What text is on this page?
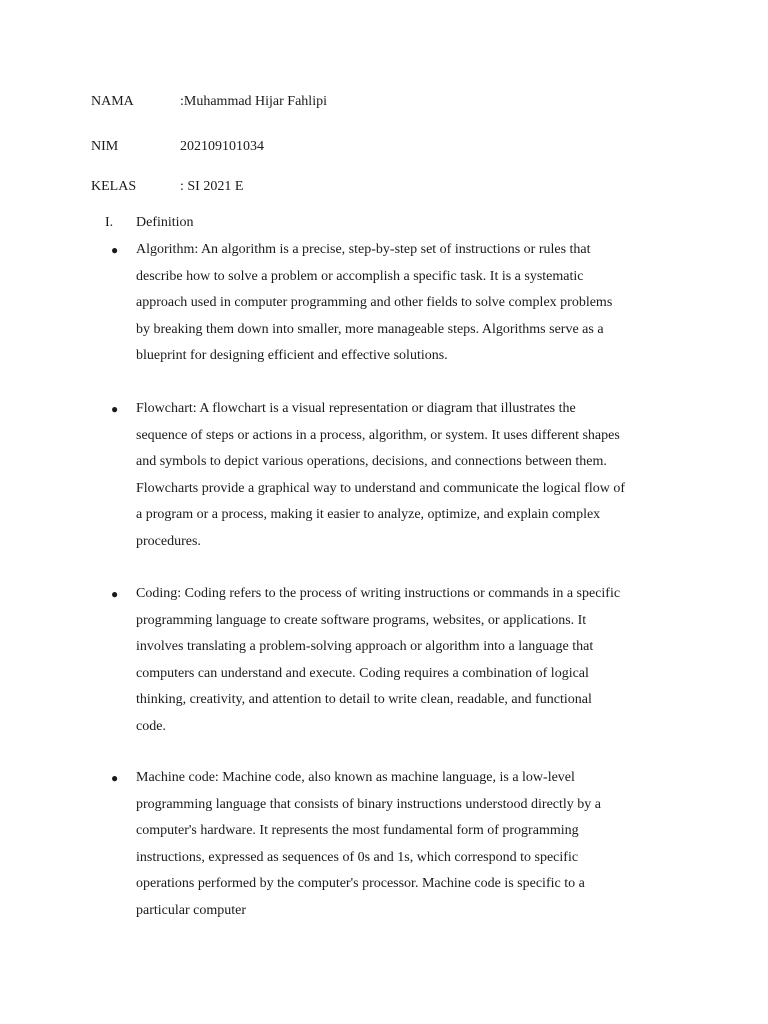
NAMA	:Muhammad Hijar Fahlipi
NIM	202109101034
KELAS	: SI 2021 E
I. Definition
● Algorithm: An algorithm is a precise, step-by-step set of instructions or rules that
describe how to solve a problem or accomplish a specific task. It is a systematic
approach used in computer programming and other fields to solve complex problems
by breaking them down into smaller, more manageable steps. Algorithms serve as a
blueprint for designing efficient and effective solutions.

● Flowchart: A flowchart is a visual representation or diagram that illustrates the
sequence of steps or actions in a process, algorithm, or system. It uses different shapes
and symbols to depict various operations, decisions, and connections between them.
Flowcharts provide a graphical way to understand and communicate the logical flow of
a program or a process, making it easier to analyze, optimize, and explain complex
procedures.

● Coding: Coding refers to the process of writing instructions or commands in a specific
programming language to create software programs, websites, or applications. It
involves translating a problem-solving approach or algorithm into a language that
computers can understand and execute. Coding requires a combination of logical
thinking, creativity, and attention to detail to write clean, readable, and functional
code.

● Machine code: Machine code, also known as machine language, is a low-level
programming language that consists of binary instructions understood directly by a
computer's hardware. It represents the most fundamental form of programming
instructions, expressed as sequences of 0s and 1s, which correspond to specific
operations performed by the computer's processor. Machine code is specific to a
particular computer
